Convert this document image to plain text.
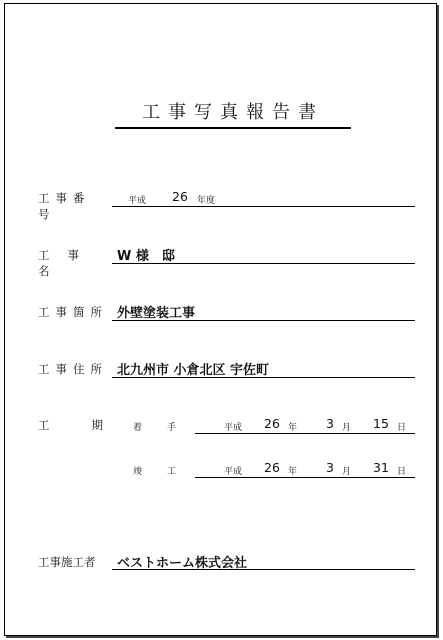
工事写真報告書
工事番号
平成 26 年度
工事名
W 様　邸
工事箇所 外壁塗装工事
工事住所 北九州市 小倉北区 宇佐町
工期
着手	平成 26 年 3 月 15 日
竣工	平成 26 年 3 月 31 日
工事施工者 ベストホーム株式会社
